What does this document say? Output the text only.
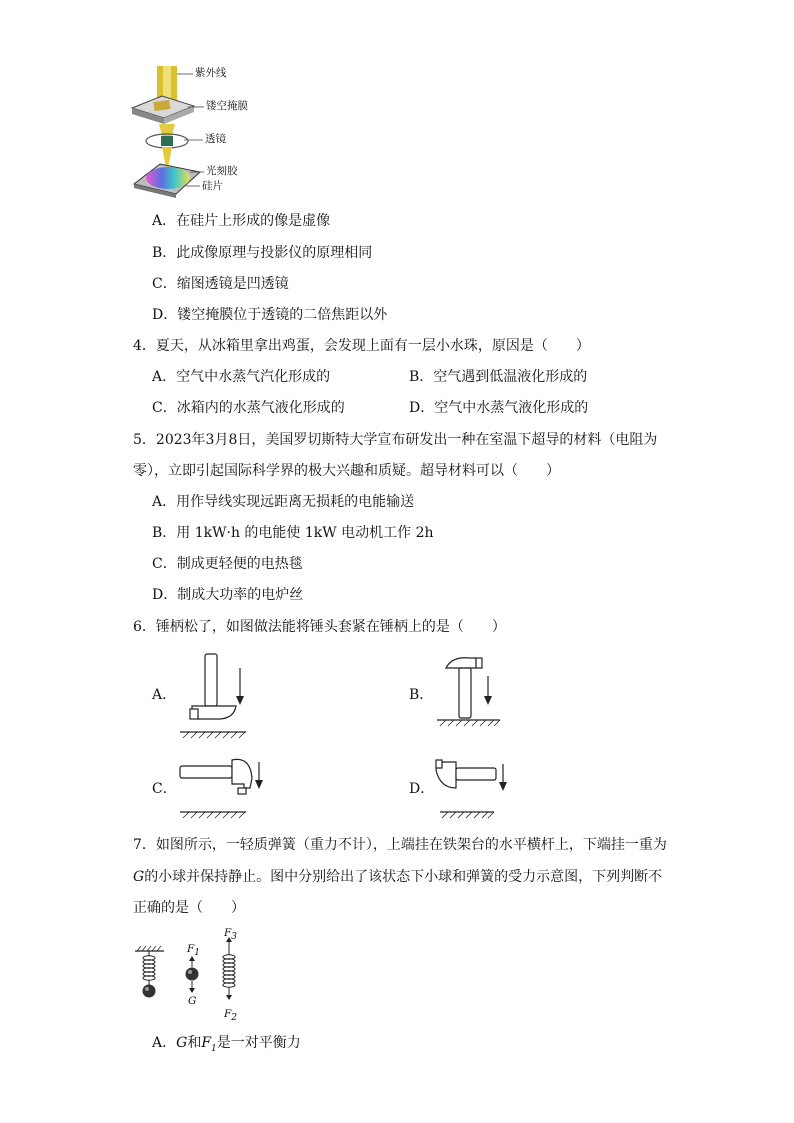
紫外线
镂空掩膜
透镜
光刻胶
硅片
A．在硅片上形成的像是虚像
B．此成像原理与投影仪的原理相同
C．缩图透镜是凹透镜
D．镂空掩膜位于透镜的二倍焦距以外
4．夏天，从冰箱里拿出鸡蛋，会发现上面有一层小水珠，原因是（　　）
A．空气中水蒸气汽化形成的	B．空气遇到低温液化形成的
C．冰箱内的水蒸气液化形成的	D．空气中水蒸气液化形成的
5．2023年3月8日，美国罗切斯特大学宣布研发出一种在室温下超导的材料（电阻为
零），立即引起国际科学界的极大兴趣和质疑。超导材料可以（　　）
A．用作导线实现远距离无损耗的电能输送
B．用 1kW·h 的电能使 1kW 电动机工作 2h
C．制成更轻便的电热毯
D．制成大功率的电炉丝
6．锤柄松了，如图做法能将锤头套紧在锤柄上的是（　　）
A．	B．
C．	D．
7．如图所示，一轻质弹簧（重力不计），上端挂在铁架台的水平横杆上，下端挂一重为
G的小球并保持静止。图中分别给出了该状态下小球和弹簧的受力示意图，下列判断不
正确的是（　　）
$F_1$
G
$F_3$
$F_2$
A．G和$F_1$是一对平衡力
